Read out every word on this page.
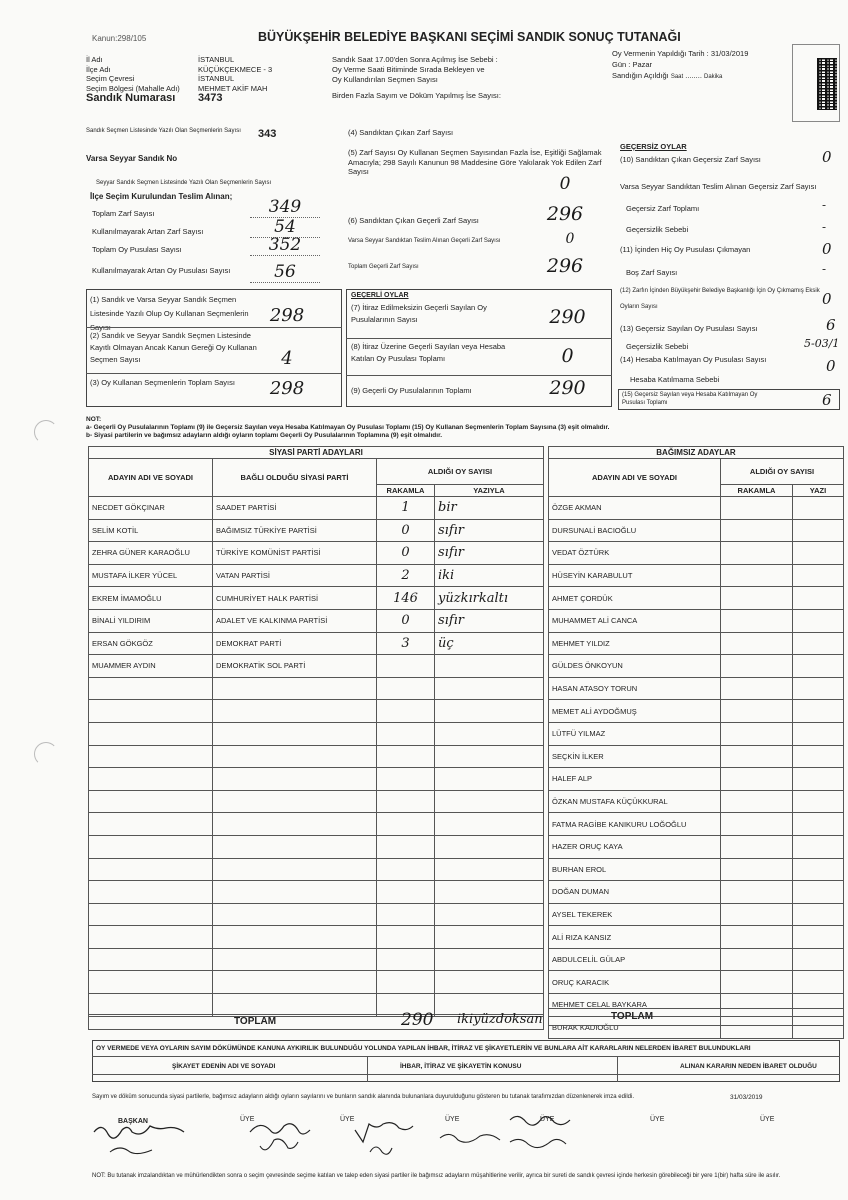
Kanun:298/105	BÜYÜKŞEHİR BELEDİYE BAŞKANI SEÇİMİ SANDIK SONUÇ TUTANAĞI
İl Adı	İSTANBUL
İlçe Adı	KÜÇÜKÇEKMECE - 3
Seçim Çevresi	İSTANBUL
Seçim Bölgesi (Mahalle Adı)	MEHMET AKİF MAH
Sandık Numarası	3473
Sandık Saat 17.00'den Sonra Açılmış İse Sebebi :
Oy Verme Saati Bitiminde Sırada Bekleyen ve
Oy Kullandırılan Seçmen Sayısı
Birden Fazla Sayım ve Döküm Yapılmış İse Sayısı:
Oy Vermenin Yapıldığı Tarih : 31/03/2019
Gün : Pazar
Sandığın Açıldığı Saat ........ Dakika
Sandık Seçmen Listesinde Yazılı Olan Seçmenlerin Sayısı	343
Varsa Seyyar Sandık No
Seyyar Sandık Seçmen Listesinde Yazılı Olan Seçmenlerin Sayısı
İlçe Seçim Kurulundan Teslim Alınan;
Toplam Zarf Sayısı	349
Kullanılmayarak Artan Zarf Sayısı	54
Toplam Oy Pusulası Sayısı	352
Kullanılmayarak Artan Oy Pusulası Sayısı	56
(1) Sandık ve Varsa Seyyar Sandık Seçmen Listesinde Yazılı Olup Oy Kullanan Seçmenlerin Sayısı
298
(2) Sandık ve Seyyar Sandık Seçmen Listesinde Kayıtlı Olmayan Ancak Kanun Gereği Oy Kullanan Seçmen Sayısı	4
(3) Oy Kullanan Seçmenlerin Toplam Sayısı	298
(4) Sandıktan Çıkan Zarf Sayısı
(5) Zarf Sayısı Oy Kullanan Seçmen Sayısından Fazla İse, Eşitliği Sağlamak Amacıyla; 298 Sayılı Kanunun 98 Maddesine Göre Yakılarak Yok Edilen Zarf Sayısı
0
(6) Sandıktan Çıkan Geçerli Zarf Sayısı	296
Varsa Seyyar Sandıktan Teslim Alınan Geçerli Zarf Sayısı	0
Toplam Geçerli Zarf Sayısı	296
GEÇERLİ OYLAR
(7) İtiraz Edilmeksizin Geçerli Sayılan Oy Pusulalarının Sayısı	290
(8) İtiraz Üzerine Geçerli Sayılan veya Hesaba Katılan Oy Pusulası Toplamı	0
(9) Geçerli Oy Pusulalarının Toplamı	290
GEÇERSİZ OYLAR
(10) Sandıktan Çıkan Geçersiz Zarf Sayısı	0
Varsa Seyyar Sandıktan Teslim Alınan Geçersiz Zarf Sayısı
Geçersiz Zarf Toplamı	-
Geçersizlik Sebebi	-
(11) İçinden Hiç Oy Pusulası Çıkmayan	0
Boş Zarf Sayısı	-
(12) Zarfın İçinden Büyükşehir Belediye Başkanlığı İçin Oy Çıkmamış Eksik Oyların Sayısı	0
(13) Geçersiz Sayılan Oy Pusulası Sayısı	6
Geçersizlik Sebebi	5-03/1
(14) Hesaba Katılmayan Oy Pusulası Sayısı	0
Hesaba Katılmama Sebebi
(15) Geçersiz Sayılan veya Hesaba Katılmayan Oy Pusulası Toplamı	6
NOT:
a- Geçerli Oy Pusulalarının Toplamı (9) ile Geçersiz Sayılan veya Hesaba Katılmayan Oy Pusulası Toplamı (15) Oy Kullanan Seçmenlerin Toplam Sayısına (3) eşit olmalıdır.
b- Siyasi partilerin ve bağımsız adayların aldığı oyların toplamı Geçerli Oy Pusulalarının Toplamına (9) eşit olmalıdır.
SİYASİ PARTİ ADAYLARI			
ADAYIN ADI VE SOYADI	BAĞLI OLDUĞU SİYASİ PARTİ	ALDIĞI OY SAYISI	
		RAKAMLA	YAZIYLA
NECDET GÖKÇINAR	SAADET PARTİSİ	1	bir
SELİM KOTİL	BAĞIMSIZ TÜRKİYE PARTİSİ	0	sıfır
ZEHRA GÜNER KARAOĞLU	TÜRKİYE KOMÜNİST PARTİSİ	0	sıfır
MUSTAFA İLKER YÜCEL	VATAN PARTİSİ	2	iki
EKREM İMAMOĞLU	CUMHURİYET HALK PARTİSİ	146	yüzkırkaltı
BİNALİ YILDIRIM	ADALET VE KALKINMA PARTİSİ	0	sıfır
ERSAN GÖKGÖZ	DEMOKRAT PARTİ	3	üç
MUAMMER AYDIN	DEMOKRATİK SOL PARTİ		

TOPLAM	290 ikiyüzdoksan
BAĞIMSIZ ADAYLAR		
ADAYIN ADI VE SOYADI	ALDIĞI OY SAYISI	
	RAKAMLA	YAZI
ÖZGE AKMAN		
DURSUNALİ BACIOĞLU		
VEDAT ÖZTÜRK		
HÜSEYİN KARABULUT		
AHMET ÇORDÜK		
MUHAMMET ALİ CANCA		
MEHMET YILDIZ		
GÜLDES ÖNKOYUN		
HASAN ATASOY TORUN		
MEMET ALİ AYDOĞMUŞ		
LÜTFÜ YILMAZ		
SEÇKİN İLKER		
HALEF ALP		
ÖZKAN MUSTAFA KÜÇÜKKURAL		
FATMA RAGİBE KANIKURU LOĞOĞLU		
HAZER ORUÇ KAYA		
BURHAN EROL		
DOĞAN DUMAN		
AYSEL TEKEREK		
ALİ RIZA KANSIZ		
ABDULCELİL GÜLAP		
ORUÇ KARACIK		
MEHMET CELAL BAYKARA		
BURAK KADIOĞLU		
TOPLAM
OY VERMEDE VEYA OYLARIN SAYIM DÖKÜMÜNDE KANUNA AYKIRILIK BULUNDUĞU YOLUNDA YAPILAN İHBAR, İTİRAZ VE ŞİKAYETLERİN VE BUNLARA AİT KARARLARIN NELERDEN İBARET BULUNDUKLARI
ŞİKAYET EDENİN ADI VE SOYADI	İHBAR, İTİRAZ VE ŞİKAYETİN KONUSU	ALINAN KARARIN NEDEN İBARET OLDUĞU
Sayım ve döküm sonucunda siyasi partilerle, bağımsız adayların aldığı oyların sayılarını ve bunların sandık alanında bulunanlara duyurulduğunu gösteren bu tutanak tarafımızdan düzenlenerek imza edildi.	31/03/2019
BAŞKAN	ÜYE	ÜYE	ÜYE	ÜYE	ÜYE	ÜYE
NOT: Bu tutanak imzalandıktan ve mühürlendikten sonra o seçim çevresinde seçime katılan ve talep eden siyasi partiler ile bağımsız adayların müşahitlerine verilir, ayrıca bir sureti de sandık çevresi içinde herkesin görebileceği bir yere 1(bir) hafta süre ile asılır.
